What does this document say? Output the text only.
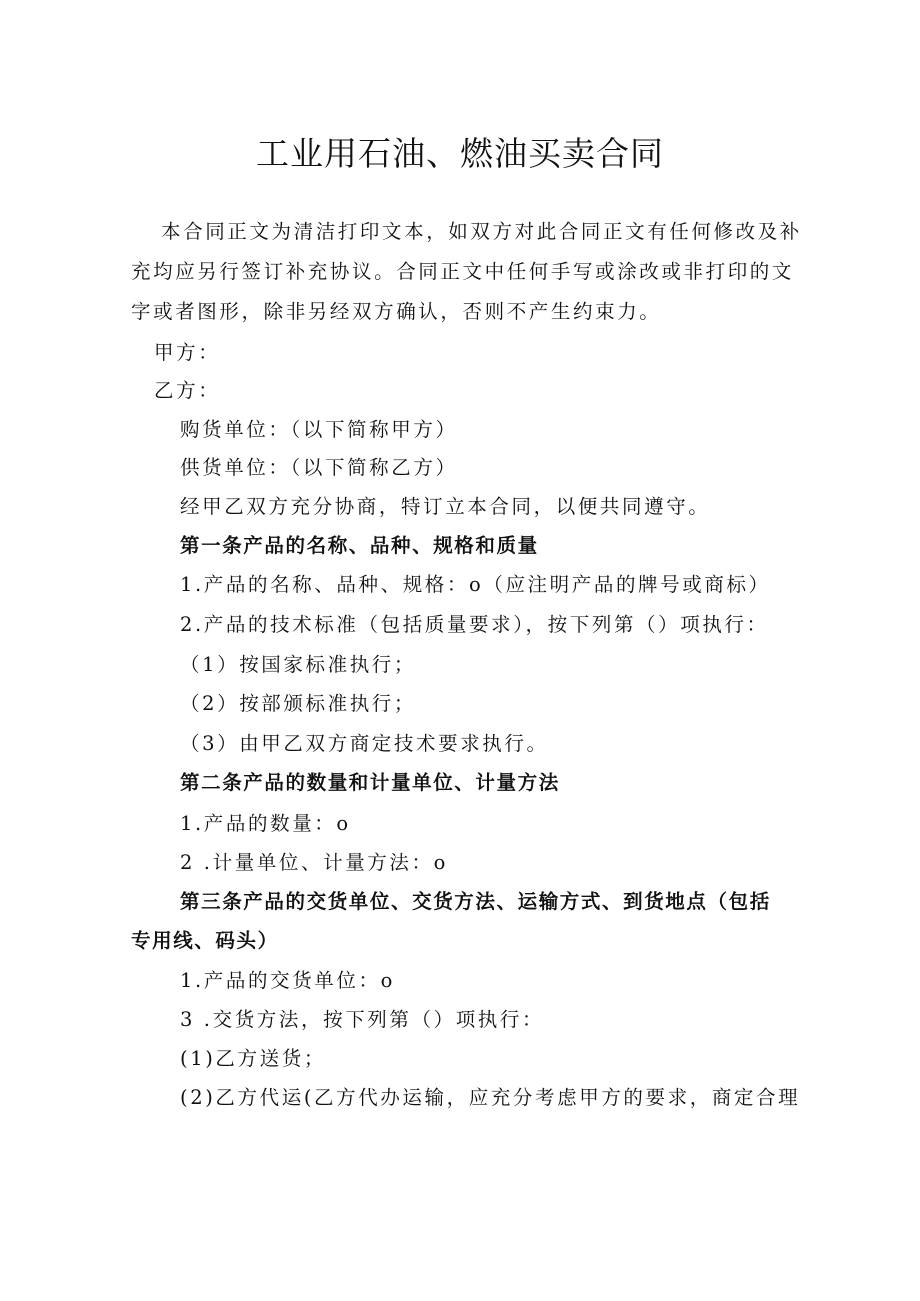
工业用石油、燃油买卖合同
本合同正文为清洁打印文本，如双方对此合同正文有任何修改及补
充均应另行签订补充协议。合同正文中任何手写或涂改或非打印的文
字或者图形，除非另经双方确认，否则不产生约束力。
甲方：
乙方：
购货单位：（以下简称甲方）
供货单位：（以下简称乙方）
经甲乙双方充分协商，特订立本合同，以便共同遵守。
第一条产品的名称、品种、规格和质量
1.产品的名称、品种、规格：o（应注明产品的牌号或商标）
2.产品的技术标准（包括质量要求），按下列第（）项执行：
（1）按国家标准执行；
（2）按部颁标准执行；
（3）由甲乙双方商定技术要求执行。
第二条产品的数量和计量单位、计量方法
1.产品的数量：o
2 .计量单位、计量方法：o
第三条产品的交货单位、交货方法、运输方式、到货地点（包括
专用线、码头）
1.产品的交货单位：o
3 .交货方法，按下列第（）项执行：
(1)乙方送货；
(2)乙方代运(乙方代办运输，应充分考虑甲方的要求，商定合理
